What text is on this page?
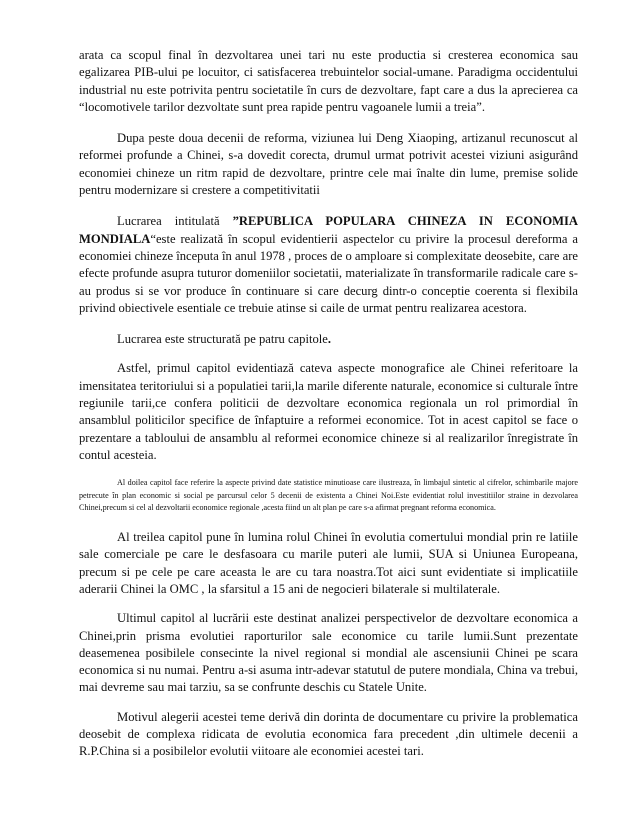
arata ca scopul final în dezvoltarea unei tari nu este productia si cresterea economica sau egalizarea PIB-ului pe locuitor, ci satisfacerea trebuintelor social-umane. Paradigma occidentului industrial nu este potrivita pentru societatile în curs de dezvoltare, fapt care a dus la aprecierea ca “locomotivele tarilor dezvoltate sunt prea rapide pentru vagoanele lumii a treia”.

Dupa peste doua decenii de reforma, viziunea lui Deng Xiaoping, artizanul recunoscut al reformei profunde a Chinei, s-a dovedit corecta, drumul urmat potrivit acestei viziuni asigurând economiei chineze un ritm rapid de dezvoltare, printre cele mai înalte din lume, premise solide pentru modernizare si crestere a competitivitatii

Lucrarea intitulată ”REPUBLICA POPULARA CHINEZA IN ECONOMIA MONDIALA“este realizată în scopul evidentierii aspectelor cu privire la procesul dereforma a economiei chineze începuta în anul 1978 , proces de o amploare si complexitate deosebite, care are efecte profunde asupra tuturor domeniilor societatii, materializate în transformarile radicale care s-au produs si se vor produce în continuare si care decurg dintr-o conceptie coerenta si flexibila privind obiectivele esentiale ce trebuie atinse si caile de urmat pentru realizarea acestora.

Lucrarea este structurată pe patru capitole.

Astfel, primul capitol evidentiază cateva aspecte monografice ale Chinei referitoare la imensitatea teritoriului si a populatiei tarii,la marile diferente naturale, economice si culturale între regiunile tarii,ce confera politicii de dezvoltare economica regionala un rol primordial în ansamblul politicilor specifice de înfaptuire a reformei economice. Tot in acest capitol se face o prezentare a tabloului de ansamblu al reformei economice chineze si al realizarilor înregistrate în contul acesteia.

Al doilea capitol face referire la aspecte privind date statistice minutioase care ilustreaza, în limbajul sintetic al cifrelor, schimbarile majore petrecute în plan economic si social pe parcursul celor 5 decenii de existenta a Chinei Noi.Este evidentiat rolul investitiilor straine in dezvolarea Chinei,precum si cel al dezvoltarii economice regionale ,acesta fiind un alt plan pe care s-a afirmat pregnant reforma economica.

Al treilea capitol pune în lumina rolul Chinei în evolutia comertului mondial prin re latiile sale comerciale pe care le desfasoara cu marile puteri ale lumii, SUA si Uniunea Europeana, precum si pe cele pe care aceasta le are cu tara noastra.Tot aici sunt evidentiate si implicatiile aderarii Chinei la OMC , la sfarsitul a 15 ani de negocieri bilaterale si multilaterale.

Ultimul capitol al lucrării este destinat analizei perspectivelor de dezvoltare economica a Chinei,prin prisma evolutiei raporturilor sale economice cu tarile lumii.Sunt prezentate deasemenea posibilele consecinte la nivel regional si mondial ale ascensiunii Chinei pe scara economica si nu numai. Pentru a-si asuma intr-adevar statutul de putere mondiala, China va trebui, mai devreme sau mai tarziu, sa se confrunte deschis cu Statele Unite.

Motivul alegerii acestei teme derivă din dorinta de documentare cu privire la problematica deosebit de complexa ridicata de evolutia economica fara precedent ,din ultimele decenii a R.P.China si a posibilelor evolutii viitoare ale economiei acestei tari.
